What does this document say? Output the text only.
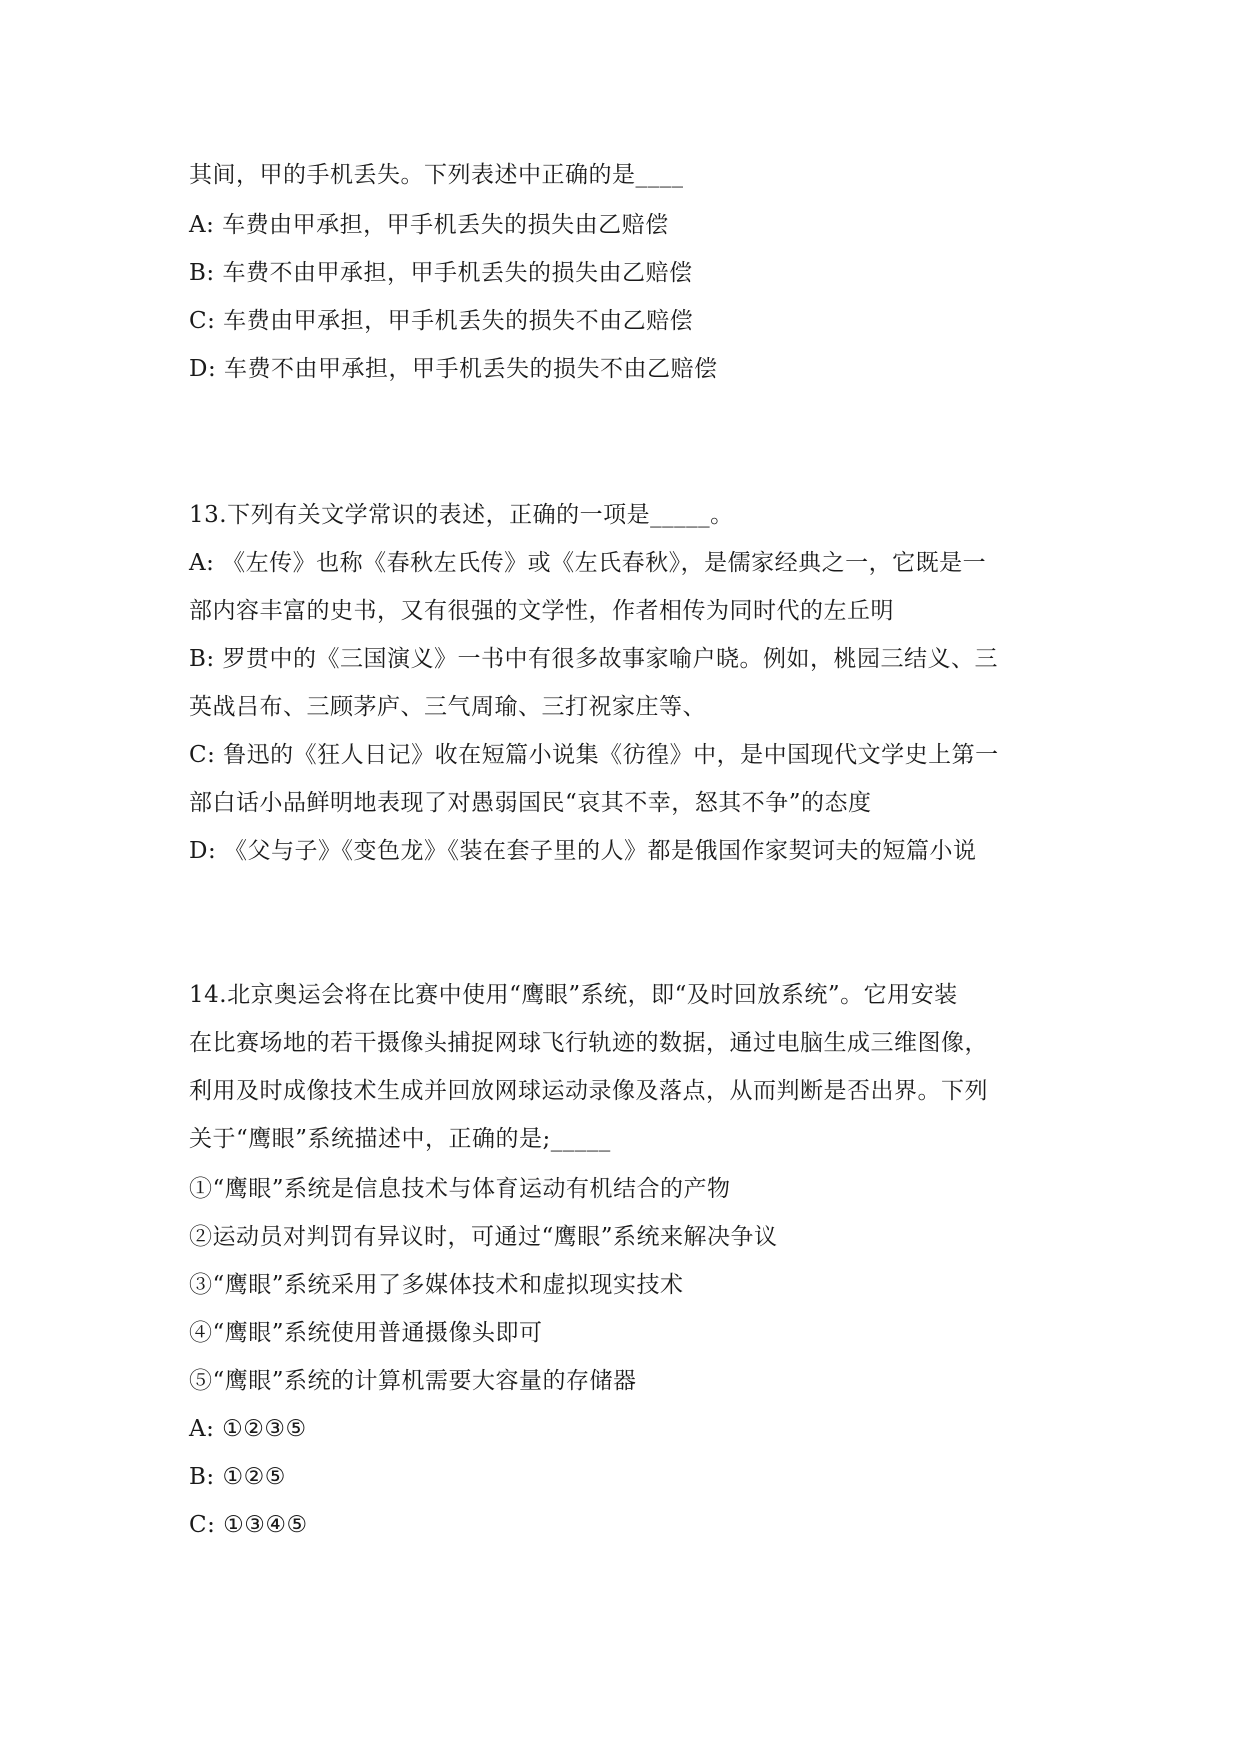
其间，甲的手机丢失。下列表述中正确的是____
A: 车费由甲承担，甲手机丢失的损失由乙赔偿
B: 车费不由甲承担，甲手机丢失的损失由乙赔偿
C: 车费由甲承担，甲手机丢失的损失不由乙赔偿
D: 车费不由甲承担，甲手机丢失的损失不由乙赔偿
13.下列有关文学常识的表述，正确的一项是_____。
A: 《左传》也称《春秋左氏传》或《左氏春秋》，是儒家经典之一，它既是一
部内容丰富的史书，又有很强的文学性，作者相传为同时代的左丘明
B: 罗贯中的《三国演义》一书中有很多故事家喻户晓。例如，桃园三结义、三
英战吕布、三顾茅庐、三气周瑜、三打祝家庄等、
C: 鲁迅的《狂人日记》收在短篇小说集《彷徨》中，是中国现代文学史上第一
部白话小品鲜明地表现了对愚弱国民“哀其不幸，怒其不争”的态度
D: 《父与子》《变色龙》《装在套子里的人》都是俄国作家契诃夫的短篇小说
14.北京奥运会将在比赛中使用“鹰眼”系统，即“及时回放系统”。它用安装
在比赛场地的若干摄像头捕捉网球飞行轨迹的数据，通过电脑生成三维图像，
利用及时成像技术生成并回放网球运动录像及落点，从而判断是否出界。下列
关于“鹰眼”系统描述中，正确的是;_____
①“鹰眼”系统是信息技术与体育运动有机结合的产物
②运动员对判罚有异议时，可通过“鹰眼”系统来解决争议
③“鹰眼”系统采用了多媒体技术和虚拟现实技术
④“鹰眼”系统使用普通摄像头即可
⑤“鹰眼”系统的计算机需要大容量的存储器
A: ①②③⑤
B: ①②⑤
C: ①③④⑤
